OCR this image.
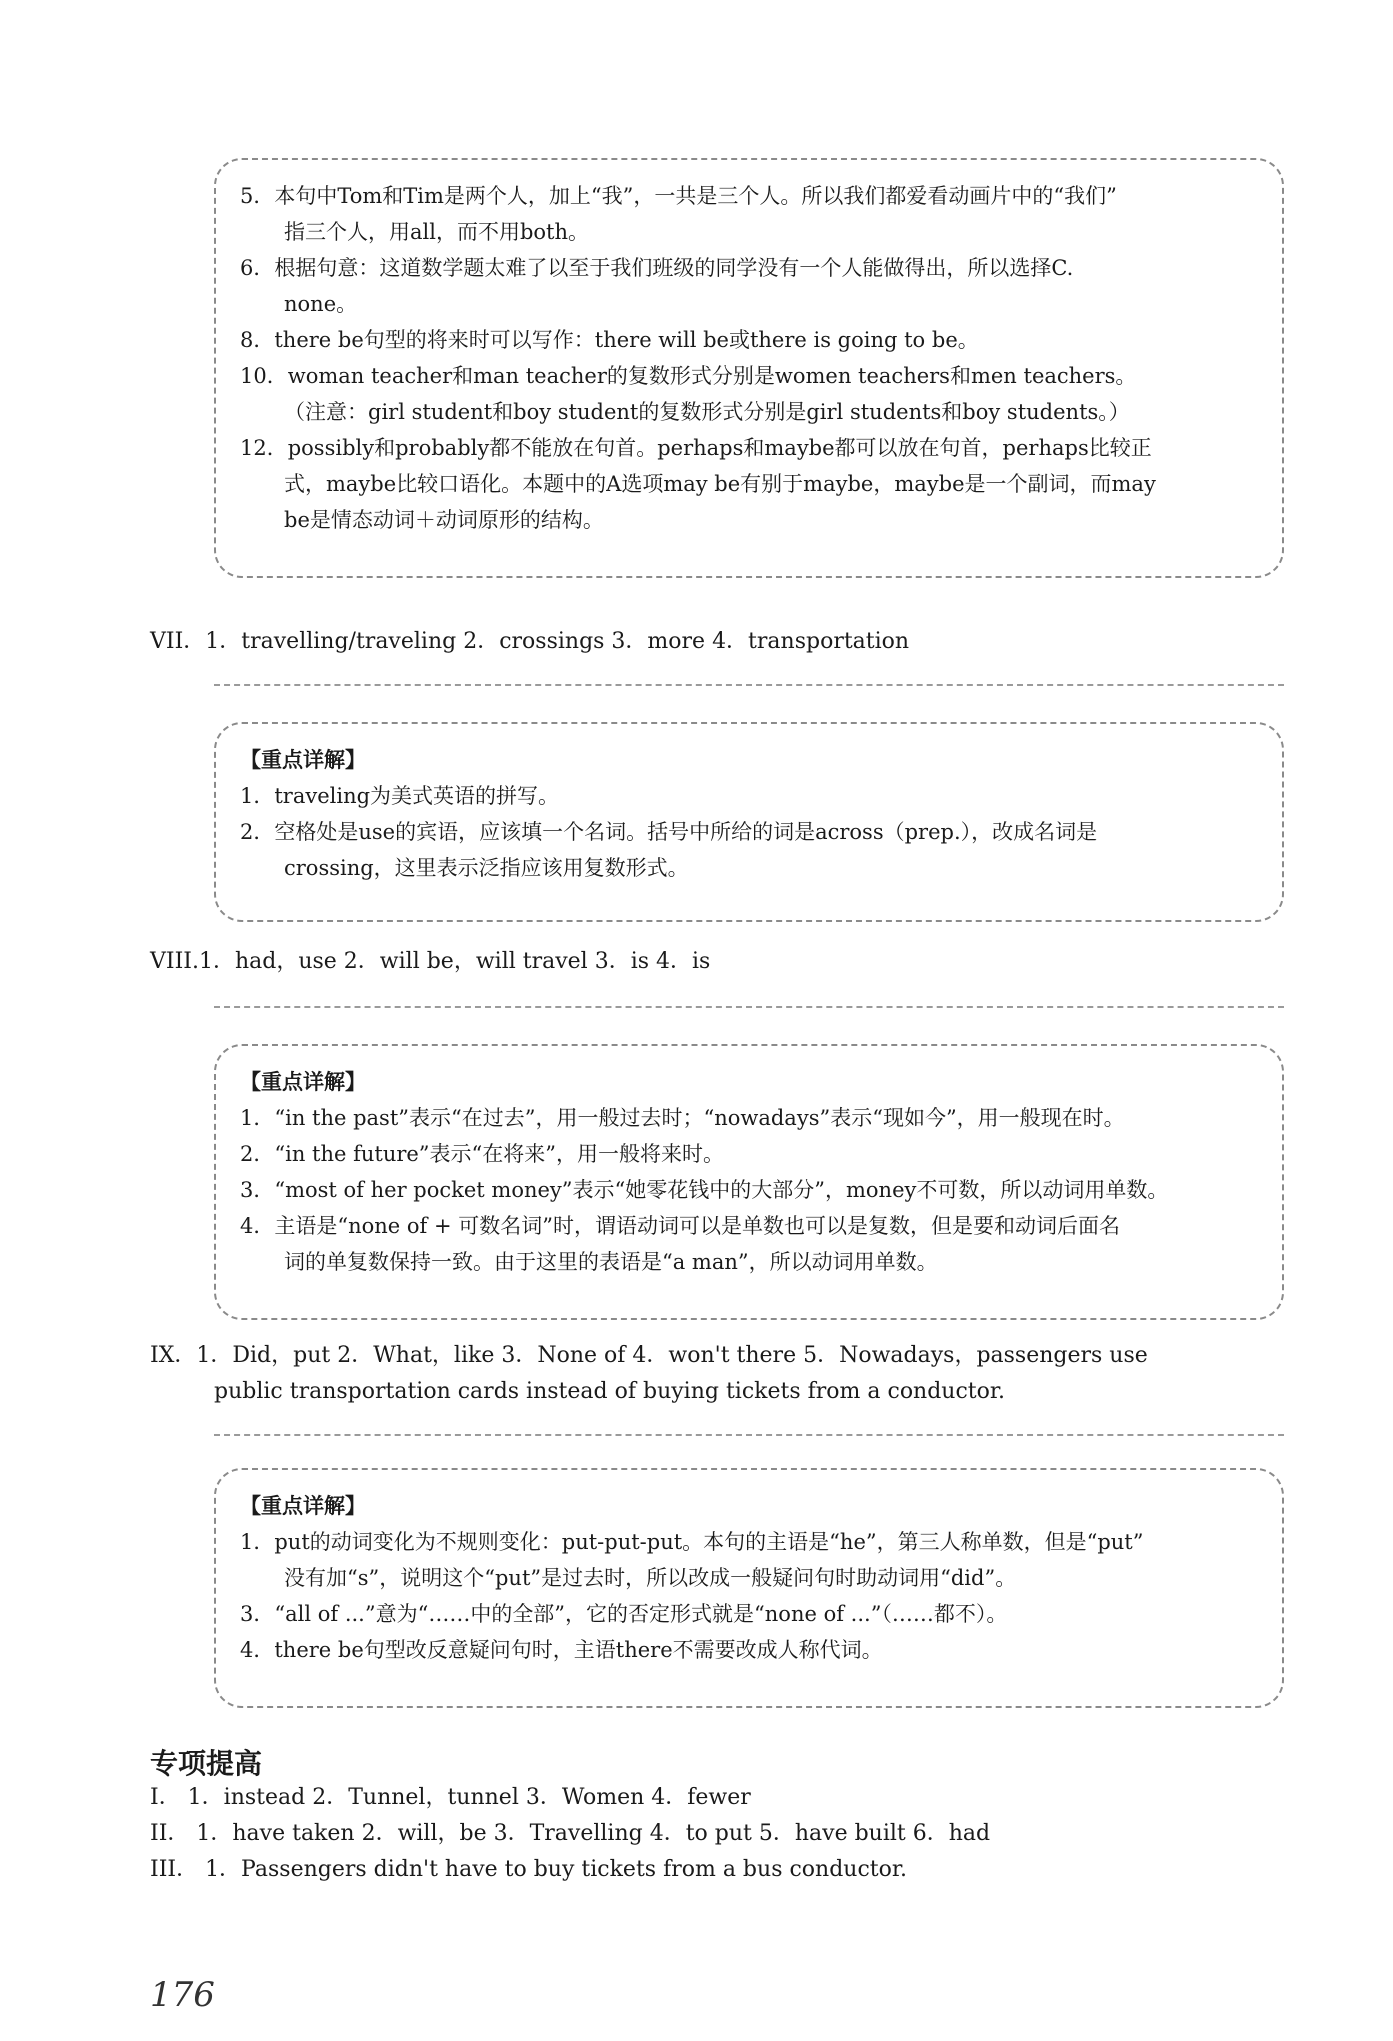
5．本句中Tom和Tim是两个人，加上“我”，一共是三个人。所以我们都爱看动画片中的“我们”
指三个人，用all，而不用both。
6．根据句意：这道数学题太难了以至于我们班级的同学没有一个人能做得出，所以选择C.
none。
8．there be句型的将来时可以写作：there will be或there is going to be。
10．woman teacher和man teacher的复数形式分别是women teachers和men teachers。
（注意：girl student和boy student的复数形式分别是girl students和boy students。）
12．possibly和probably都不能放在句首。perhaps和maybe都可以放在句首，perhaps比较正
式，maybe比较口语化。本题中的A选项may be有别于maybe，maybe是一个副词，而may
be是情态动词＋动词原形的结构。
VII．1．travelling/traveling 2．crossings 3．more 4．transportation
【重点详解】
1．traveling为美式英语的拼写。
2．空格处是use的宾语，应该填一个名词。括号中所给的词是across（prep.），改成名词是
crossing，这里表示泛指应该用复数形式。
VIII.1．had，use 2．will be，will travel 3．is 4．is
【重点详解】
1．“in the past”表示“在过去”，用一般过去时；“nowadays”表示“现如今”，用一般现在时。
2．“in the future”表示“在将来”，用一般将来时。
3．“most of her pocket money”表示“她零花钱中的大部分”，money不可数，所以动词用单数。
4．主语是“none of + 可数名词”时，谓语动词可以是单数也可以是复数，但是要和动词后面名
词的单复数保持一致。由于这里的表语是“a man”，所以动词用单数。
IX．1．Did，put 2．What，like 3．None of 4．won't there 5．Nowadays，passengers use
public transportation cards instead of buying tickets from a conductor.
【重点详解】
1．put的动词变化为不规则变化：put-put-put。本句的主语是“he”，第三人称单数，但是“put”
没有加“s”，说明这个“put”是过去时，所以改成一般疑问句时助动词用“did”。
3．“all of ...”意为“……中的全部”，它的否定形式就是“none of ...”（……都不）。
4．there be句型改反意疑问句时，主语there不需要改成人称代词。
专项提高
I． 1．instead 2．Tunnel，tunnel 3．Women 4．fewer
II． 1．have taken 2．will，be 3．Travelling 4．to put 5．have built 6．had
III． 1．Passengers didn't have to buy tickets from a bus conductor.
176
